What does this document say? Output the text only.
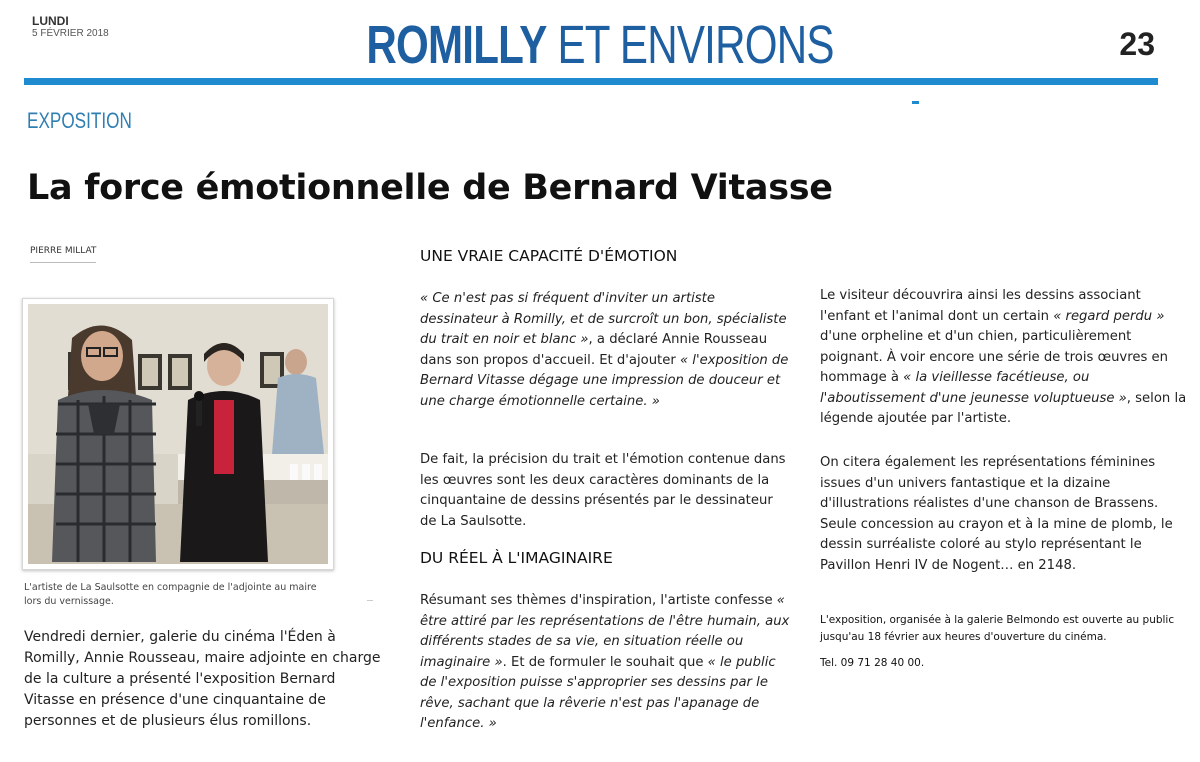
LUNDI
5 FÉVRIER 2018	ROMILLY ET ENVIRONS	23
EXPOSITION
La force émotionnelle de Bernard Vitasse
PIERRE MILLAT
L'artiste de La Saulsotte en compagnie de l'adjointe au maire lors du vernissage.
Vendredi dernier, galerie du cinéma l'Éden à Romilly, Annie Rousseau, maire adjointe en charge de la culture a présenté l'exposition Bernard Vitasse en présence d'une cinquantaine de personnes et de plusieurs élus romillons.
UNE VRAIE CAPACITÉ D'ÉMOTION

« Ce n'est pas si fréquent d'inviter un artiste dessinateur à Romilly, et de surcroît un bon, spécialiste du trait en noir et blanc », a déclaré Annie Rousseau dans son propos d'accueil. Et d'ajouter « l'exposition de Bernard Vitasse dégage une impression de douceur et une charge émotionnelle certaine. »

De fait, la précision du trait et l'émotion contenue dans les œuvres sont les deux caractères dominants de la cinquantaine de dessins présentés par le dessinateur de La Saulsotte.

DU RÉEL À L'IMAGINAIRE

Résumant ses thèmes d'inspiration, l'artiste confesse « être attiré par les représentations de l'être humain, aux différents stades de sa vie, en situation réelle ou imaginaire ». Et de formuler le souhait que « le public de l'exposition puisse s'approprier ses dessins par le rêve, sachant que la rêverie n'est pas l'apanage de l'enfance. »

Le visiteur découvrira ainsi les dessins associant l'enfant et l'animal dont un certain « regard perdu » d'une orpheline et d'un chien, particulièrement poignant. À voir encore une série de trois œuvres en hommage à « la vieillesse facétieuse, ou l'aboutissement d'une jeunesse voluptueuse », selon la légende ajoutée par l'artiste.

On citera également les représentations féminines issues d'un univers fantastique et la dizaine d'illustrations réalistes d'une chanson de Brassens. Seule concession au crayon et à la mine de plomb, le dessin surréaliste coloré au stylo représentant le Pavillon Henri IV de Nogent… en 2148.

L'exposition, organisée à la galerie Belmondo est ouverte au public jusqu'au 18 février aux heures d'ouverture du cinéma.
Tel. 09 71 28 40 00.
